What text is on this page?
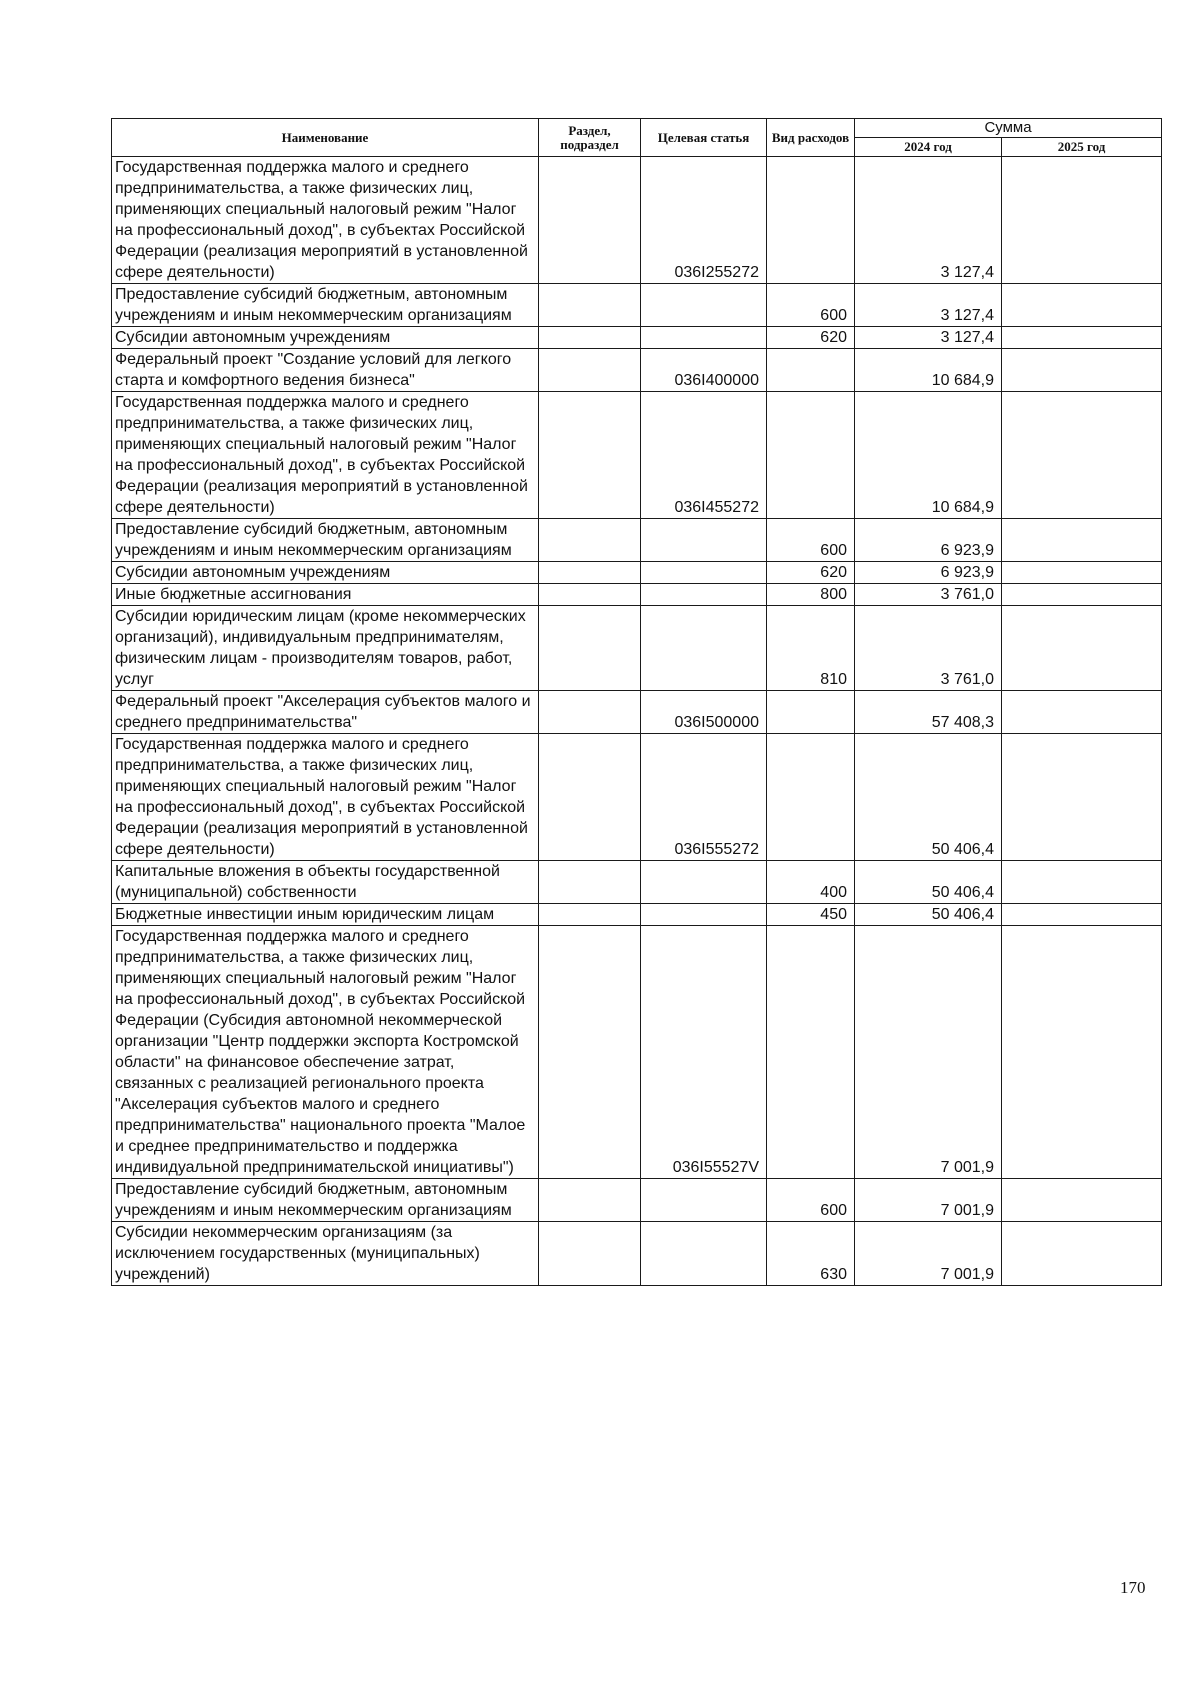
Наименование	Раздел, подраздел	Целевая статья	Вид расходов	Сумма	
				2024 год	2025 год
Государственная поддержка малого и среднего предпринимательства, а также физических лиц, применяющих специальный налоговый режим "Налог на профессиональный доход", в субъектах Российской Федерации (реализация мероприятий в установленной сфере деятельности)		036I255272		3 127,4	
Предоставление субсидий бюджетным, автономным учреждениям и иным некоммерческим организациям			600	3 127,4	
Субсидии автономным учреждениям			620	3 127,4	
Федеральный проект "Создание условий для легкого старта и комфортного ведения бизнеса"		036I400000		10 684,9	
Государственная поддержка малого и среднего предпринимательства, а также физических лиц, применяющих специальный налоговый режим "Налог на профессиональный доход", в субъектах Российской Федерации (реализация мероприятий в установленной сфере деятельности)		036I455272		10 684,9	
Предоставление субсидий бюджетным, автономным учреждениям и иным некоммерческим организациям			600	6 923,9	
Субсидии автономным учреждениям			620	6 923,9	
Иные бюджетные ассигнования			800	3 761,0	
Субсидии юридическим лицам (кроме некоммерческих организаций), индивидуальным предпринимателям, физическим лицам - производителям товаров, работ, услуг			810	3 761,0	
Федеральный проект "Акселерация субъектов малого и среднего предпринимательства"		036I500000		57 408,3	
Государственная поддержка малого и среднего предпринимательства, а также физических лиц, применяющих специальный налоговый режим "Налог на профессиональный доход", в субъектах Российской Федерации (реализация мероприятий в установленной сфере деятельности)		036I555272		50 406,4	
Капитальные вложения в объекты государственной (муниципальной) собственности			400	50 406,4	
Бюджетные инвестиции иным юридическим лицам			450	50 406,4	
Государственная поддержка малого и среднего предпринимательства, а также физических лиц, применяющих специальный налоговый режим "Налог на профессиональный доход", в субъектах Российской Федерации (Субсидия автономной некоммерческой организации "Центр поддержки экспорта Костромской области" на финансовое обеспечение затрат, связанных с реализацией регионального проекта "Акселерация субъектов малого и среднего предпринимательства" национального проекта "Малое и среднее предпринимательство и поддержка индивидуальной предпринимательской инициативы")		036I55527V		7 001,9	
Предоставление субсидий бюджетным, автономным учреждениям и иным некоммерческим организациям			600	7 001,9	
Субсидии некоммерческим организациям (за исключением государственных (муниципальных) учреждений)			630	7 001,9	
170
